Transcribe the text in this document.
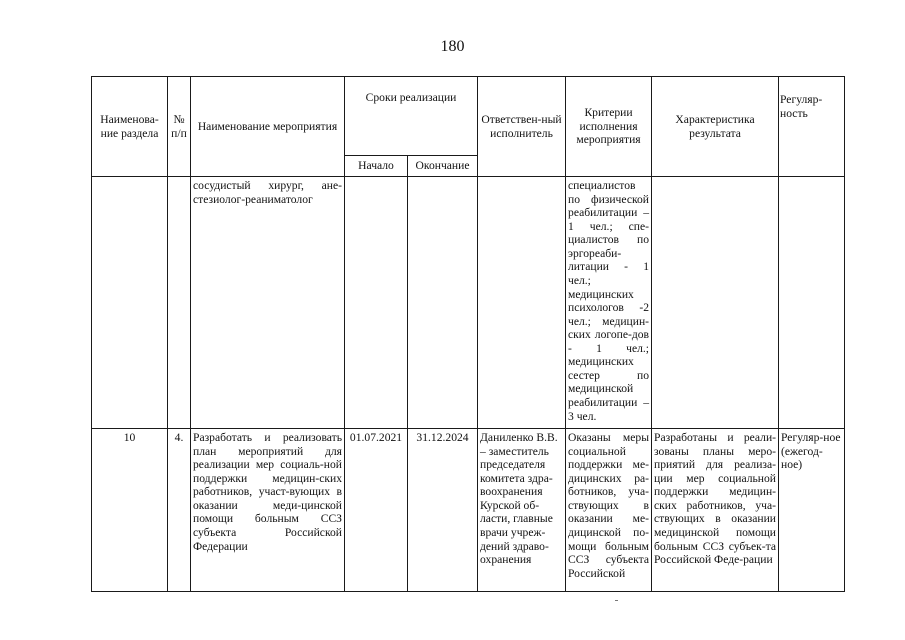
180
Наименова-ние раздела	№ п/п	Наименование мероприятия	Сроки реализации		Ответствен-ный исполнитель	Критерии исполнения мероприятия	Характеристика результата	Регуляр-ность
			Начало	Окончание				
		сосудистый хирург, ане-стезиолог-реаниматолог				специалистов по физической реабилитации – 1 чел.; спе-циалистов по эргореаби-литации - 1 чел.; медицинских психологов -2 чел.; медицин-ских логопе-дов - 1 чел.; медицинских сестер по медицинской реабилитации – 3 чел.		
10	4.	Разработать и реализовать план мероприятий для реализации мер социаль-ной поддержки медицин-ских работников, участ-вующих в оказании меди-цинской помощи больным ССЗ субъекта Российской Федерации	01.07.2021	31.12.2024	Даниленко В.В. – заместитель председателя комитета здра-воохранения Курской об-ласти, главные врачи учреж-дений здраво-охранения	Оказаны меры социальной поддержки ме-дицинских ра-ботников, уча-ствующих в оказании ме-дицинской по-мощи больным ССЗ субъекта Российской	Разработаны и реали-зованы планы меро-приятий для реализа-ции мер социальной поддержки медицин-ских работников, уча-ствующих в оказании медицинской помощи больным ССЗ субъек-та Российской Феде-рации	Регуляр-ное (ежегод-ное)
